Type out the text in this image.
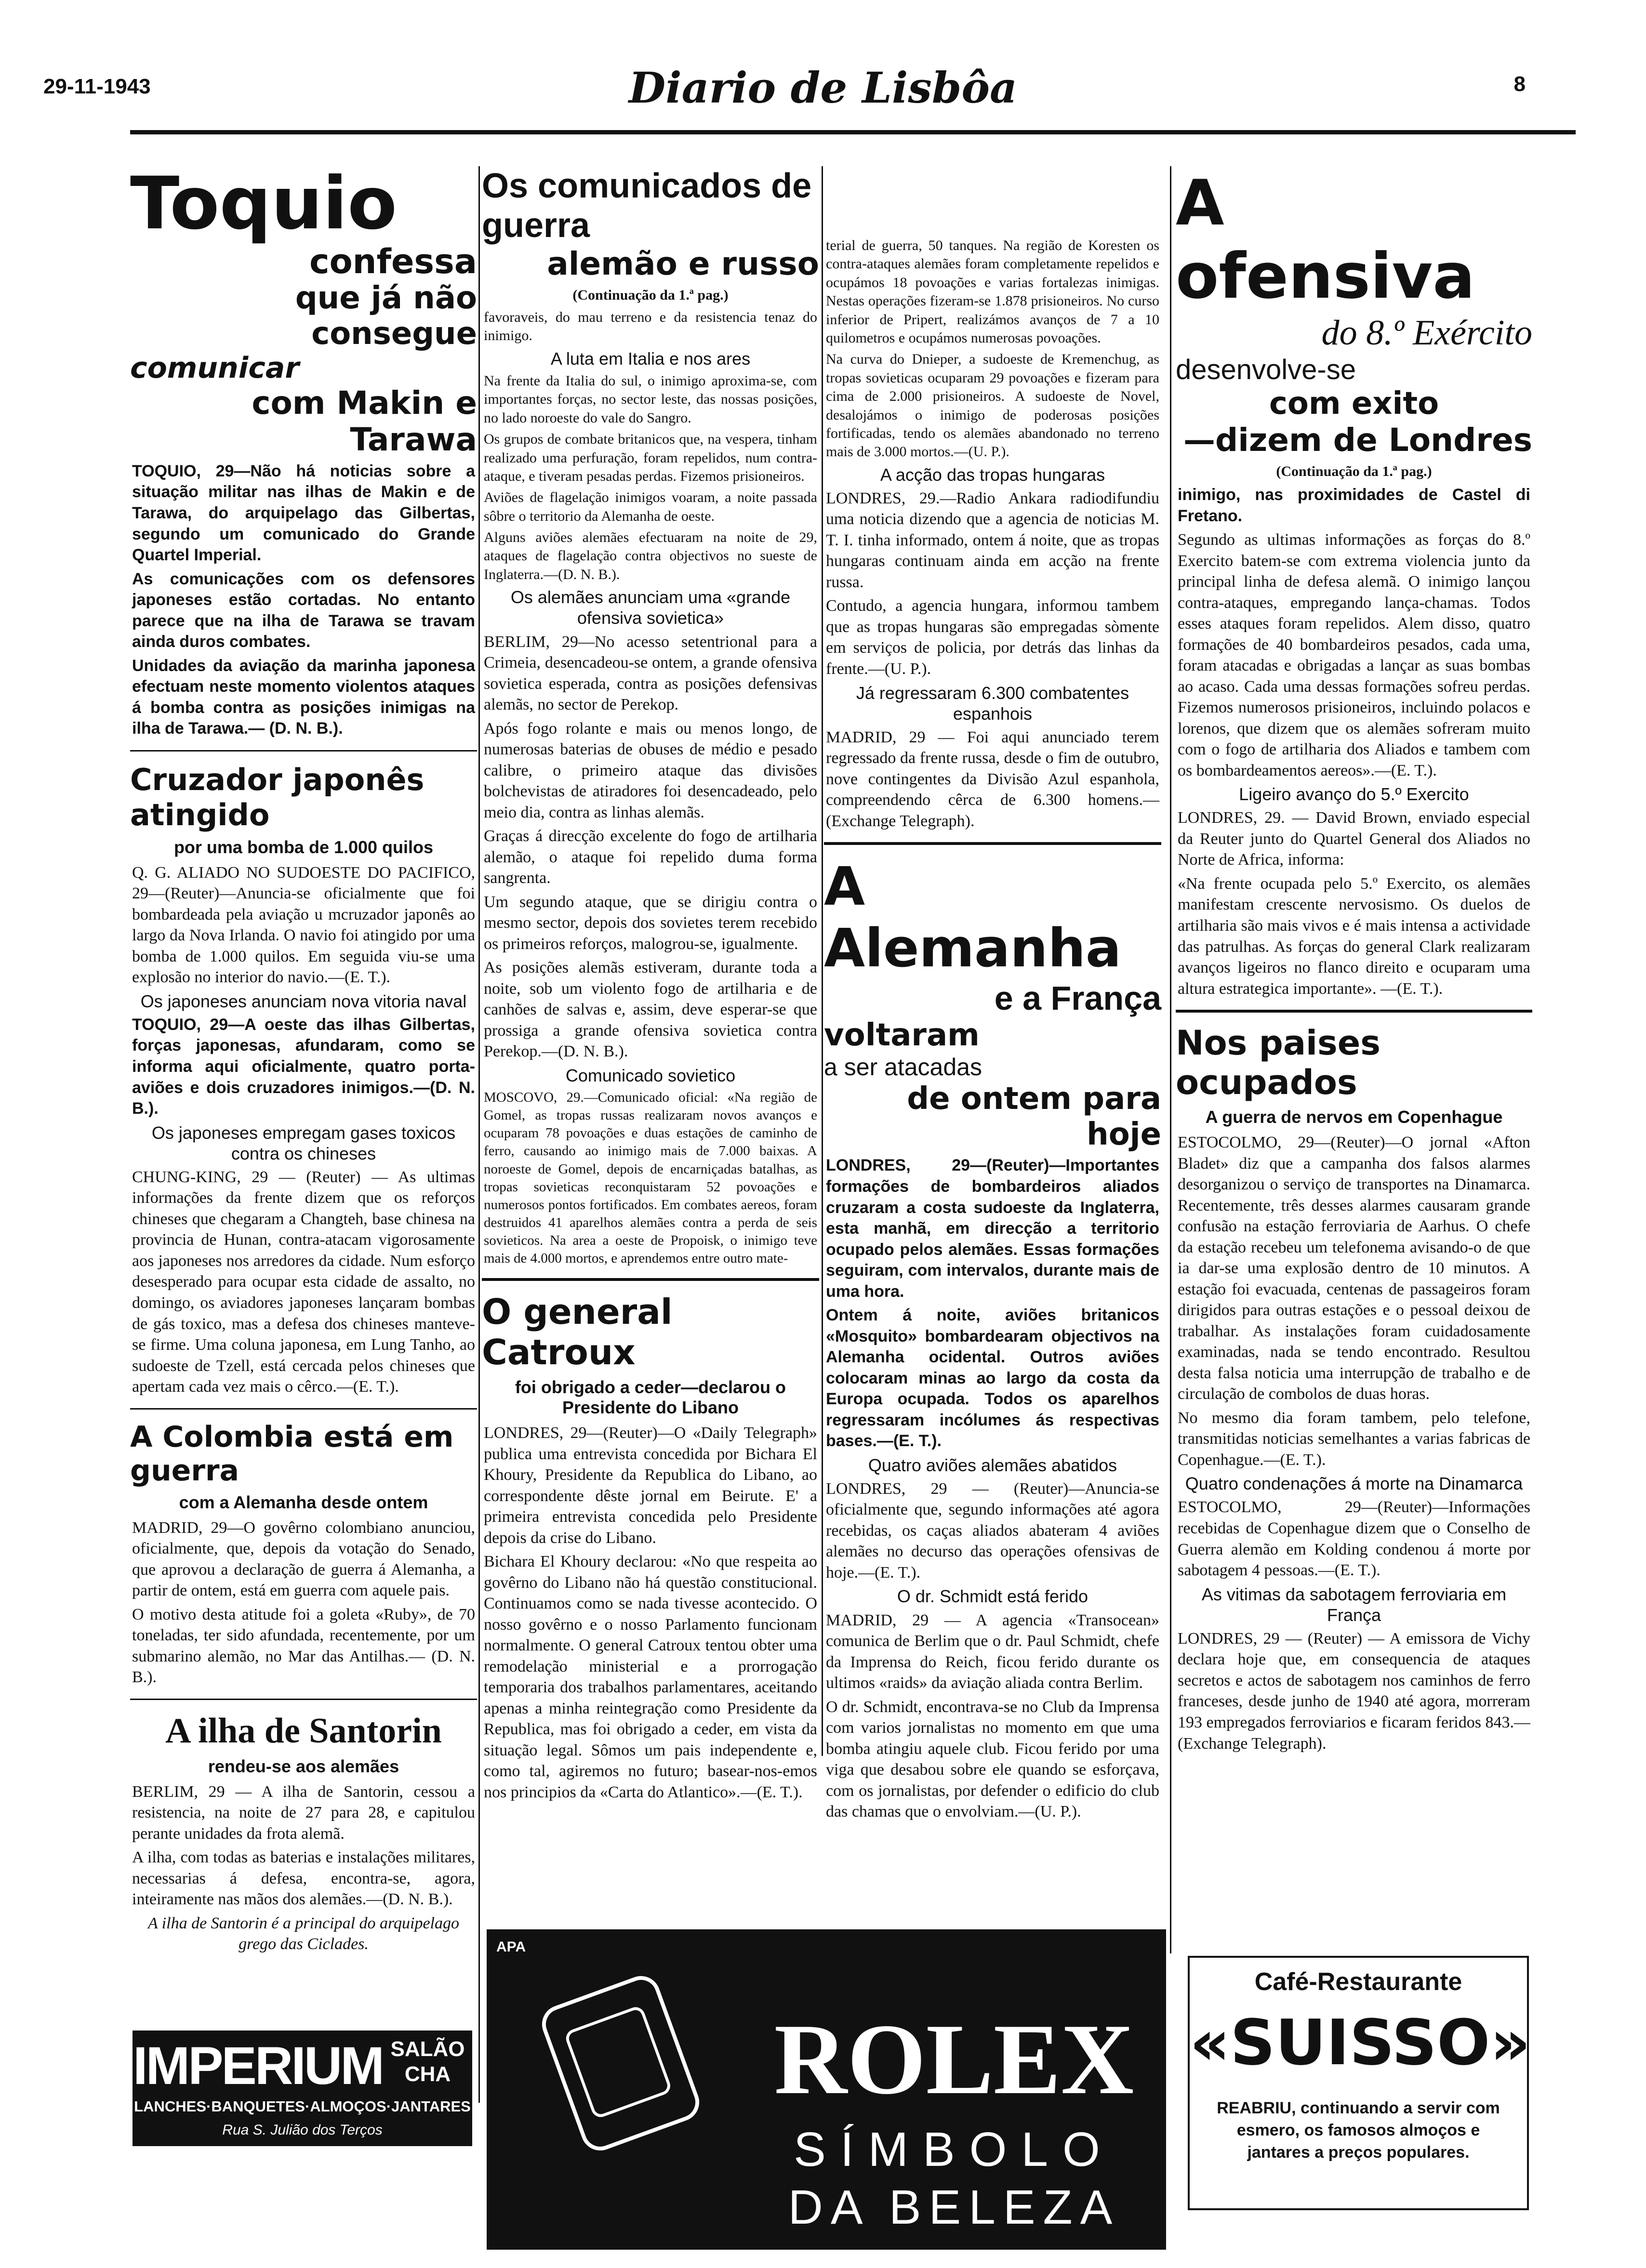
29-11-1943	Diario de Lisbôa	8
Toquio
confessa
que já não consegue
comunicar
com Makin e Tarawa

TOQUIO, 29—Não há noticias sobre a situação militar nas ilhas de Makin e de Tarawa, do arquipelago das Gilbertas, segundo um comunicado do Grande Quartel Imperial.

As comunicações com os defensores japoneses estão cortadas. No entanto parece que na ilha de Tarawa se travam ainda duros combates.

Unidades da aviação da marinha japonesa efectuam neste momento violentos ataques á bomba contra as posições inimigas na ilha de Tarawa.— (D. N. B.).

Cruzador japonês atingido
por uma bomba de 1.000 quilos

Q. G. ALIADO NO SUDOESTE DO PACIFICO, 29—(Reuter)—Anuncia-se oficialmente que foi bombardeada pela aviação u mcruzador japonês ao largo da Nova Irlanda. O navio foi atingido por uma bomba de 1.000 quilos. Em seguida viu-se uma explosão no interior do navio.—(E. T.).

Os japoneses anunciam nova vitoria naval

TOQUIO, 29—A oeste das ilhas Gilbertas, forças japonesas, afundaram, como se informa aqui oficialmente, quatro porta-aviões e dois cruzadores inimigos.—(D. N. B.).

Os japoneses empregam gases toxicos contra os chineses

CHUNG-KING, 29 — (Reuter) — As ultimas informações da frente dizem que os reforços chineses que chegaram a Changteh, base chinesa na provincia de Hunan, contra-atacam vigorosamente aos japoneses nos arredores da cidade. Num esforço desesperado para ocupar esta cidade de assalto, no domingo, os aviadores japoneses lançaram bombas de gás toxico, mas a defesa dos chineses manteve-se firme. Uma coluna japonesa, em Lung Tanho, ao sudoeste de Tzell, está cercada pelos chineses que apertam cada vez mais o cêrco.—(E. T.).

A Colombia está em guerra
com a Alemanha desde ontem

MADRID, 29—O govêrno colombiano anunciou, oficialmente, que, depois da votação do Senado, que aprovou a declaração de guerra á Alemanha, a partir de ontem, está em guerra com aquele pais.

O motivo desta atitude foi a goleta «Ruby», de 70 toneladas, ter sido afundada, recentemente, por um submarino alemão, no Mar das Antilhas.— (D. N. B.).

A ilha de Santorin
rendeu-se aos alemães

BERLIM, 29 — A ilha de Santorin, cessou a resistencia, na noite de 27 para 28, e capitulou perante unidades da frota alemã.

A ilha, com todas as baterias e instalações militares, necessarias á defesa, encontra-se, agora, inteiramente nas mãos dos alemães.—(D. N. B.).

A ilha de Santorin é a principal do arquipelago grego das Ciclades.

Os comunicados de guerra
alemão e russo
(Continuação da 1.ª pag.)

favoraveis, do mau terreno e da resistencia tenaz do inimigo.

A luta em Italia e nos ares

Na frente da Italia do sul, o inimigo aproxima-se, com importantes forças, no sector leste, das nossas posições, no lado noroeste do vale do Sangro.

Os grupos de combate britanicos que, na vespera, tinham realizado uma perfuração, foram repelidos, num contra-ataque, e tiveram pesadas perdas. Fizemos prisioneiros.

Aviões de flagelação inimigos voaram, a noite passada sôbre o territorio da Alemanha de oeste.

Alguns aviões alemães efectuaram na noite de 29, ataques de flagelação contra objectivos no sueste de Inglaterra.—(D. N. B.).

Os alemães anunciam uma «grande ofensiva sovietica»

BERLIM, 29—No acesso setentrional para a Crimeia, desencadeou-se ontem, a grande ofensiva sovietica esperada, contra as posições defensivas alemãs, no sector de Perekop.

Após fogo rolante e mais ou menos longo, de numerosas baterias de obuses de médio e pesado calibre, o primeiro ataque das divisões bolchevistas de atiradores foi desencadeado, pelo meio dia, contra as linhas alemãs.

Graças á direcção excelente do fogo de artilharia alemão, o ataque foi repelido duma forma sangrenta.

Um segundo ataque, que se dirigiu contra o mesmo sector, depois dos sovietes terem recebido os primeiros reforços, malogrou-se, igualmente.

As posições alemãs estiveram, durante toda a noite, sob um violento fogo de artilharia e de canhões de salvas e, assim, deve esperar-se que prossiga a grande ofensiva sovietica contra Perekop.—(D. N. B.).

Comunicado sovietico

MOSCOVO, 29.—Comunicado oficial: «Na região de Gomel, as tropas russas realizaram novos avanços e ocuparam 78 povoações e duas estações de caminho de ferro, causando ao inimigo mais de 7.000 baixas. A noroeste de Gomel, depois de encarniçadas batalhas, as tropas sovieticas reconquistaram 52 povoações e numerosos pontos fortificados. Em combates aereos, foram destruidos 41 aparelhos alemães contra a perda de seis sovieticos. Na area a oeste de Propoisk, o inimigo teve mais de 4.000 mortos, e aprendemos entre outro mate-

O general Catroux
foi obrigado a ceder—declarou o Presidente do Libano

LONDRES, 29—(Reuter)—O «Daily Telegraph» publica uma entrevista concedida por Bichara El Khoury, Presidente da Republica do Libano, ao correspondente dêste jornal em Beirute. E' a primeira entrevista concedida pelo Presidente depois da crise do Libano.

Bichara El Khoury declarou: «No que respeita ao govêrno do Libano não há questão constitucional. Continuamos como se nada tivesse acontecido. O nosso govêrno e o nosso Parlamento funcionam normalmente. O general Catroux tentou obter uma remodelação ministerial e a prorrogação temporaria dos trabalhos parlamentares, aceitando apenas a minha reintegração como Presidente da Republica, mas foi obrigado a ceder, em vista da situação legal. Sômos um pais independente e, como tal, agiremos no futuro; basear-nos-emos nos principios da «Carta do Atlantico».—(E. T.).

terial de guerra, 50 tanques. Na região de Koresten os contra-ataques alemães foram completamente repelidos e ocupámos 18 povoações e varias fortalezas inimigas. Nestas operações fizeram-se 1.878 prisioneiros. No curso inferior de Pripert, realizámos avanços de 7 a 10 quilometros e ocupámos numerosas povoações.

Na curva do Dnieper, a sudoeste de Kremenchug, as tropas sovieticas ocuparam 29 povoações e fizeram para cima de 2.000 prisioneiros. A sudoeste de Novel, desalojámos o inimigo de poderosas posições fortificadas, tendo os alemães abandonado no terreno mais de 3.000 mortos.—(U. P.).

A acção das tropas hungaras

LONDRES, 29.—Radio Ankara radiodifundiu uma noticia dizendo que a agencia de noticias M. T. I. tinha informado, ontem á noite, que as tropas hungaras continuam ainda em acção na frente russa.

Contudo, a agencia hungara, informou tambem que as tropas hungaras são empregadas sòmente em serviços de policia, por detrás das linhas da frente.—(U. P.).

Já regressaram 6.300 combatentes espanhois

MADRID, 29 — Foi aqui anunciado terem regressado da frente russa, desde o fim de outubro, nove contingentes da Divisão Azul espanhola, compreendendo cêrca de 6.300 homens.— (Exchange Telegraph).

A Alemanha
e a França
voltaram
a ser atacadas
de ontem para hoje

LONDRES, 29—(Reuter)—Importantes formações de bombardeiros aliados cruzaram a costa sudoeste da Inglaterra, esta manhã, em direcção a territorio ocupado pelos alemães. Essas formações seguiram, com intervalos, durante mais de uma hora.

Ontem á noite, aviões britanicos «Mosquito» bombardearam objectivos na Alemanha ocidental. Outros aviões colocaram minas ao largo da costa da Europa ocupada. Todos os aparelhos regressaram incólumes ás respectivas bases.—(E. T.).

Quatro aviões alemães abatidos

LONDRES, 29 — (Reuter)—Anuncia-se oficialmente que, segundo informações até agora recebidas, os caças aliados abateram 4 aviões alemães no decurso das operações ofensivas de hoje.—(E. T.).

O dr. Schmidt está ferido

MADRID, 29 — A agencia «Transocean» comunica de Berlim que o dr. Paul Schmidt, chefe da Imprensa do Reich, ficou ferido durante os ultimos «raids» da aviação aliada contra Berlim.

O dr. Schmidt, encontrava-se no Club da Imprensa com varios jornalistas no momento em que uma bomba atingiu aquele club. Ficou ferido por uma viga que desabou sobre ele quando se esforçava, com os jornalistas, por defender o edificio do club das chamas que o envolviam.—(U. P.).

A ofensiva
do 8.º Exército
desenvolve-se
com exito
—dizem de Londres
(Continuação da 1.ª pag.)

inimigo, nas proximidades de Castel di Fretano.

Segundo as ultimas informações as forças do 8.º Exercito batem-se com extrema violencia junto da principal linha de defesa alemã. O inimigo lançou contra-ataques, empregando lança-chamas. Todos esses ataques foram repelidos. Alem disso, quatro formações de 40 bombardeiros pesados, cada uma, foram atacadas e obrigadas a lançar as suas bombas ao acaso. Cada uma dessas formações sofreu perdas. Fizemos numerosos prisioneiros, incluindo polacos e lorenos, que dizem que os alemães sofreram muito com o fogo de artilharia dos Aliados e tambem com os bombardeamentos aereos».—(E. T.).

Ligeiro avanço do 5.º Exercito

LONDRES, 29. — David Brown, enviado especial da Reuter junto do Quartel General dos Aliados no Norte de Africa, informa:

«Na frente ocupada pelo 5.º Exercito, os alemães manifestam crescente nervosismo. Os duelos de artilharia são mais vivos e é mais intensa a actividade das patrulhas. As forças do general Clark realizaram avanços ligeiros no flanco direito e ocuparam uma altura estrategica importante». —(E. T.).

Nos paises ocupados
A guerra de nervos em Copenhague

ESTOCOLMO, 29—(Reuter)—O jornal «Afton Bladet» diz que a campanha dos falsos alarmes desorganizou o serviço de transportes na Dinamarca. Recentemente, três desses alarmes causaram grande confusão na estação ferroviaria de Aarhus. O chefe da estação recebeu um telefonema avisando-o de que ia dar-se uma explosão dentro de 10 minutos. A estação foi evacuada, centenas de passageiros foram dirigidos para outras estações e o pessoal deixou de trabalhar. As instalações foram cuidadosamente examinadas, nada se tendo encontrado. Resultou desta falsa noticia uma interrupção de trabalho e de circulação de combolos de duas horas.

No mesmo dia foram tambem, pelo telefone, transmitidas noticias semelhantes a varias fabricas de Copenhague.—(E. T.).

Quatro condenações á morte na Dinamarca

ESTOCOLMO, 29—(Reuter)—Informações recebidas de Copenhague dizem que o Conselho de Guerra alemão em Kolding condenou á morte por sabotagem 4 pessoas.—(E. T.).

As vitimas da sabotagem ferroviaria em França

LONDRES, 29 — (Reuter) — A emissora de Vichy declara hoje que, em consequencia de ataques secretos e actos de sabotagem nos caminhos de ferro franceses, desde junho de 1940 até agora, morreram 193 empregados ferroviarios e ficaram feridos 843.— (Exchange Telegraph).

IMPERIUM SALÃO
CHA
LANCHES·BANQUETES·ALMOÇOS·JANTARES
Rua S. Julião dos Terços
APA
ROLEX
SÍMBOLO
DA BELEZA
Café-Restaurante
«SUISSO»
REABRIU, continuando a servir com esmero, os famosos almoços e jantares a preços populares.
